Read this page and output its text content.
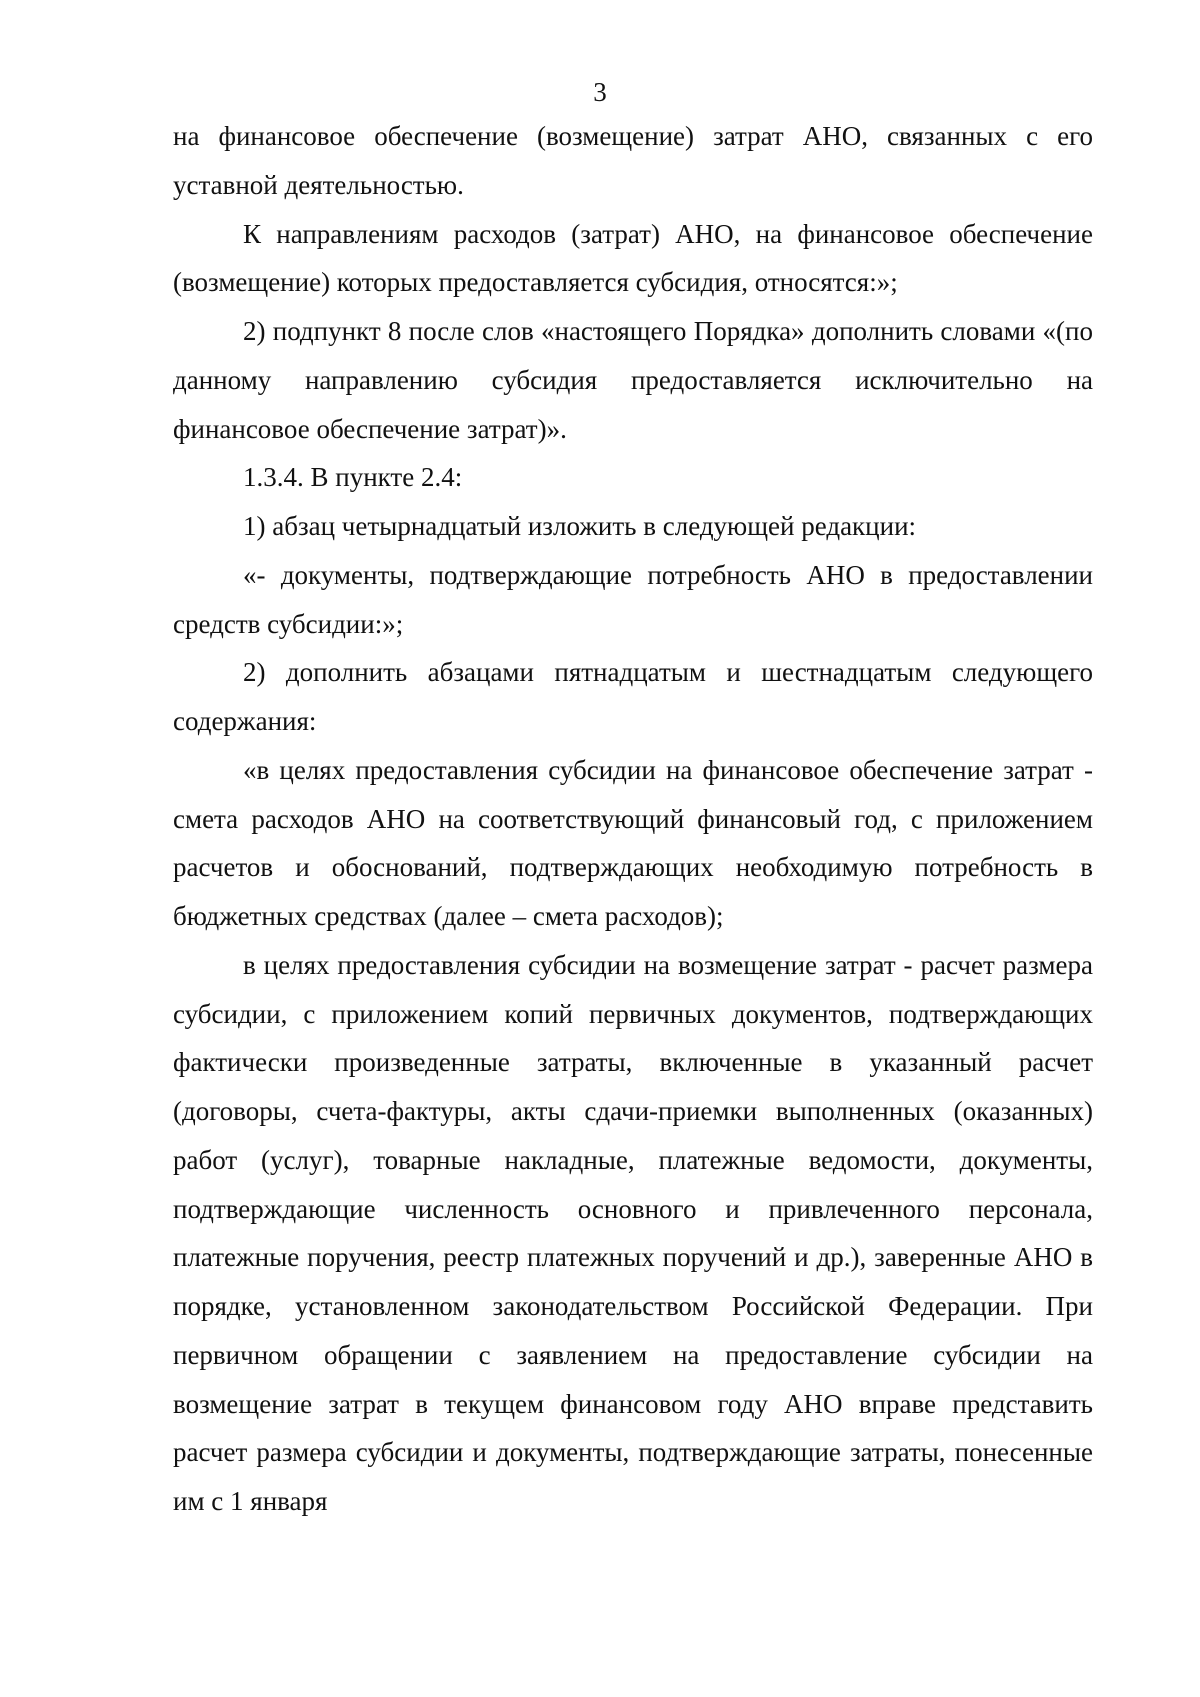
3

на финансовое обеспечение (возмещение) затрат АНО, связанных с его уставной деятельностью.

К направлениям расходов (затрат) АНО, на финансовое обеспечение (возмещение) которых предоставляется субсидия, относятся:»;

2) подпункт 8 после слов «настоящего Порядка» дополнить словами «(по данному направлению субсидия предоставляется исключительно на финансовое обеспечение затрат)».

1.3.4. В пункте 2.4:

1) абзац четырнадцатый изложить в следующей редакции:

«- документы, подтверждающие потребность АНО в предоставлении средств субсидии:»;

2) дополнить абзацами пятнадцатым и шестнадцатым следующего содержания:

«в целях предоставления субсидии на финансовое обеспечение затрат - смета расходов АНО на соответствующий финансовый год, с приложением расчетов и обоснований, подтверждающих необходимую потребность в бюджетных средствах (далее – смета расходов);

в целях предоставления субсидии на возмещение затрат - расчет размера субсидии, с приложением копий первичных документов, подтверждающих фактически произведенные затраты, включенные в указанный расчет (договоры, счета-фактуры, акты сдачи-приемки выполненных (оказанных) работ (услуг), товарные накладные, платежные ведомости, документы, подтверждающие численность основного и привлеченного персонала, платежные поручения, реестр платежных поручений и др.), заверенные АНО в порядке, установленном законодательством Российской Федерации. При первичном обращении с заявлением на предоставление субсидии на возмещение затрат в текущем финансовом году АНО вправе представить расчет размера субсидии и документы, подтверждающие затраты, понесенные им с 1 января
